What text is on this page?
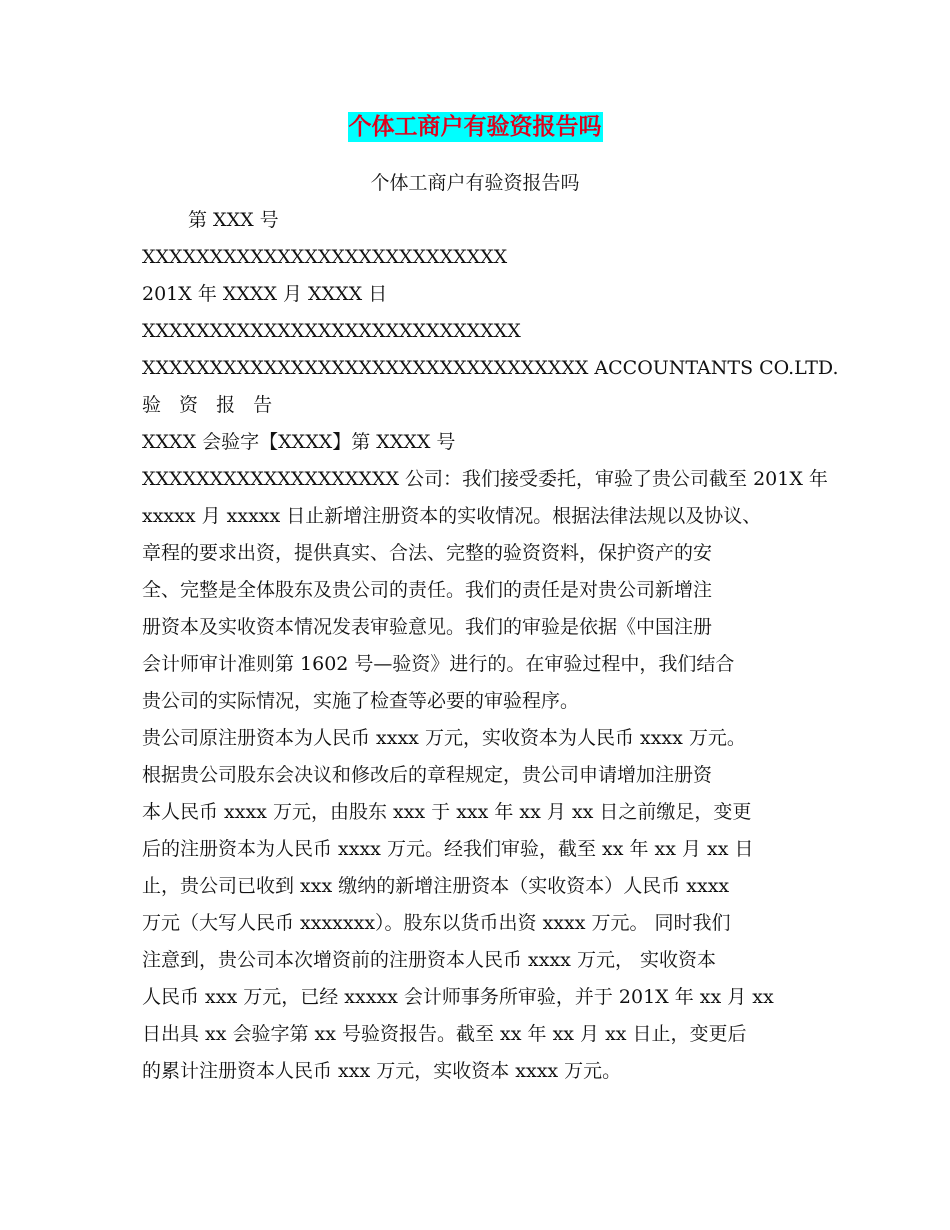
个体工商户有验资报告吗
个体工商户有验资报告吗
第 XXX 号
XXXXXXXXXXXXXXXXXXXXXXXXXXX
201X 年 XXXX 月 XXXX 日
XXXXXXXXXXXXXXXXXXXXXXXXXXXX
XXXXXXXXXXXXXXXXXXXXXXXXXXXXXXXXX ACCOUNTANTS CO.LTD.
验 资 报 告
XXXX 会验字【XXXX】第 XXXX 号
XXXXXXXXXXXXXXXXXXX 公司：我们接受委托，审验了贵公司截至 201X 年
xxxxx 月 xxxxx 日止新增注册资本的实收情况。根据法律法规以及协议、
章程的要求出资，提供真实、合法、完整的验资资料，保护资产的安
全、完整是全体股东及贵公司的责任。我们的责任是对贵公司新增注
册资本及实收资本情况发表审验意见。我们的审验是依据《中国注册
会计师审计准则第 1602 号—验资》进行的。在审验过程中，我们结合
贵公司的实际情况，实施了检查等必要的审验程序。
贵公司原注册资本为人民币 xxxx 万元，实收资本为人民币 xxxx 万元。
根据贵公司股东会决议和修改后的章程规定，贵公司申请增加注册资
本人民币 xxxx 万元，由股东 xxx 于 xxx 年 xx 月 xx 日之前缴足，变更
后的注册资本为人民币 xxxx 万元。经我们审验，截至 xx 年 xx 月 xx 日
止，贵公司已收到 xxx 缴纳的新增注册资本（实收资本）人民币 xxxx
万元（大写人民币 xxxxxxx）。股东以货币出资 xxxx 万元。 同时我们
注意到，贵公司本次增资前的注册资本人民币 xxxx 万元， 实收资本
人民币 xxx 万元，已经 xxxxx 会计师事务所审验，并于 201X 年 xx 月 xx
日出具 xx 会验字第 xx 号验资报告。截至 xx 年 xx 月 xx 日止，变更后
的累计注册资本人民币 xxx 万元，实收资本 xxxx 万元。
